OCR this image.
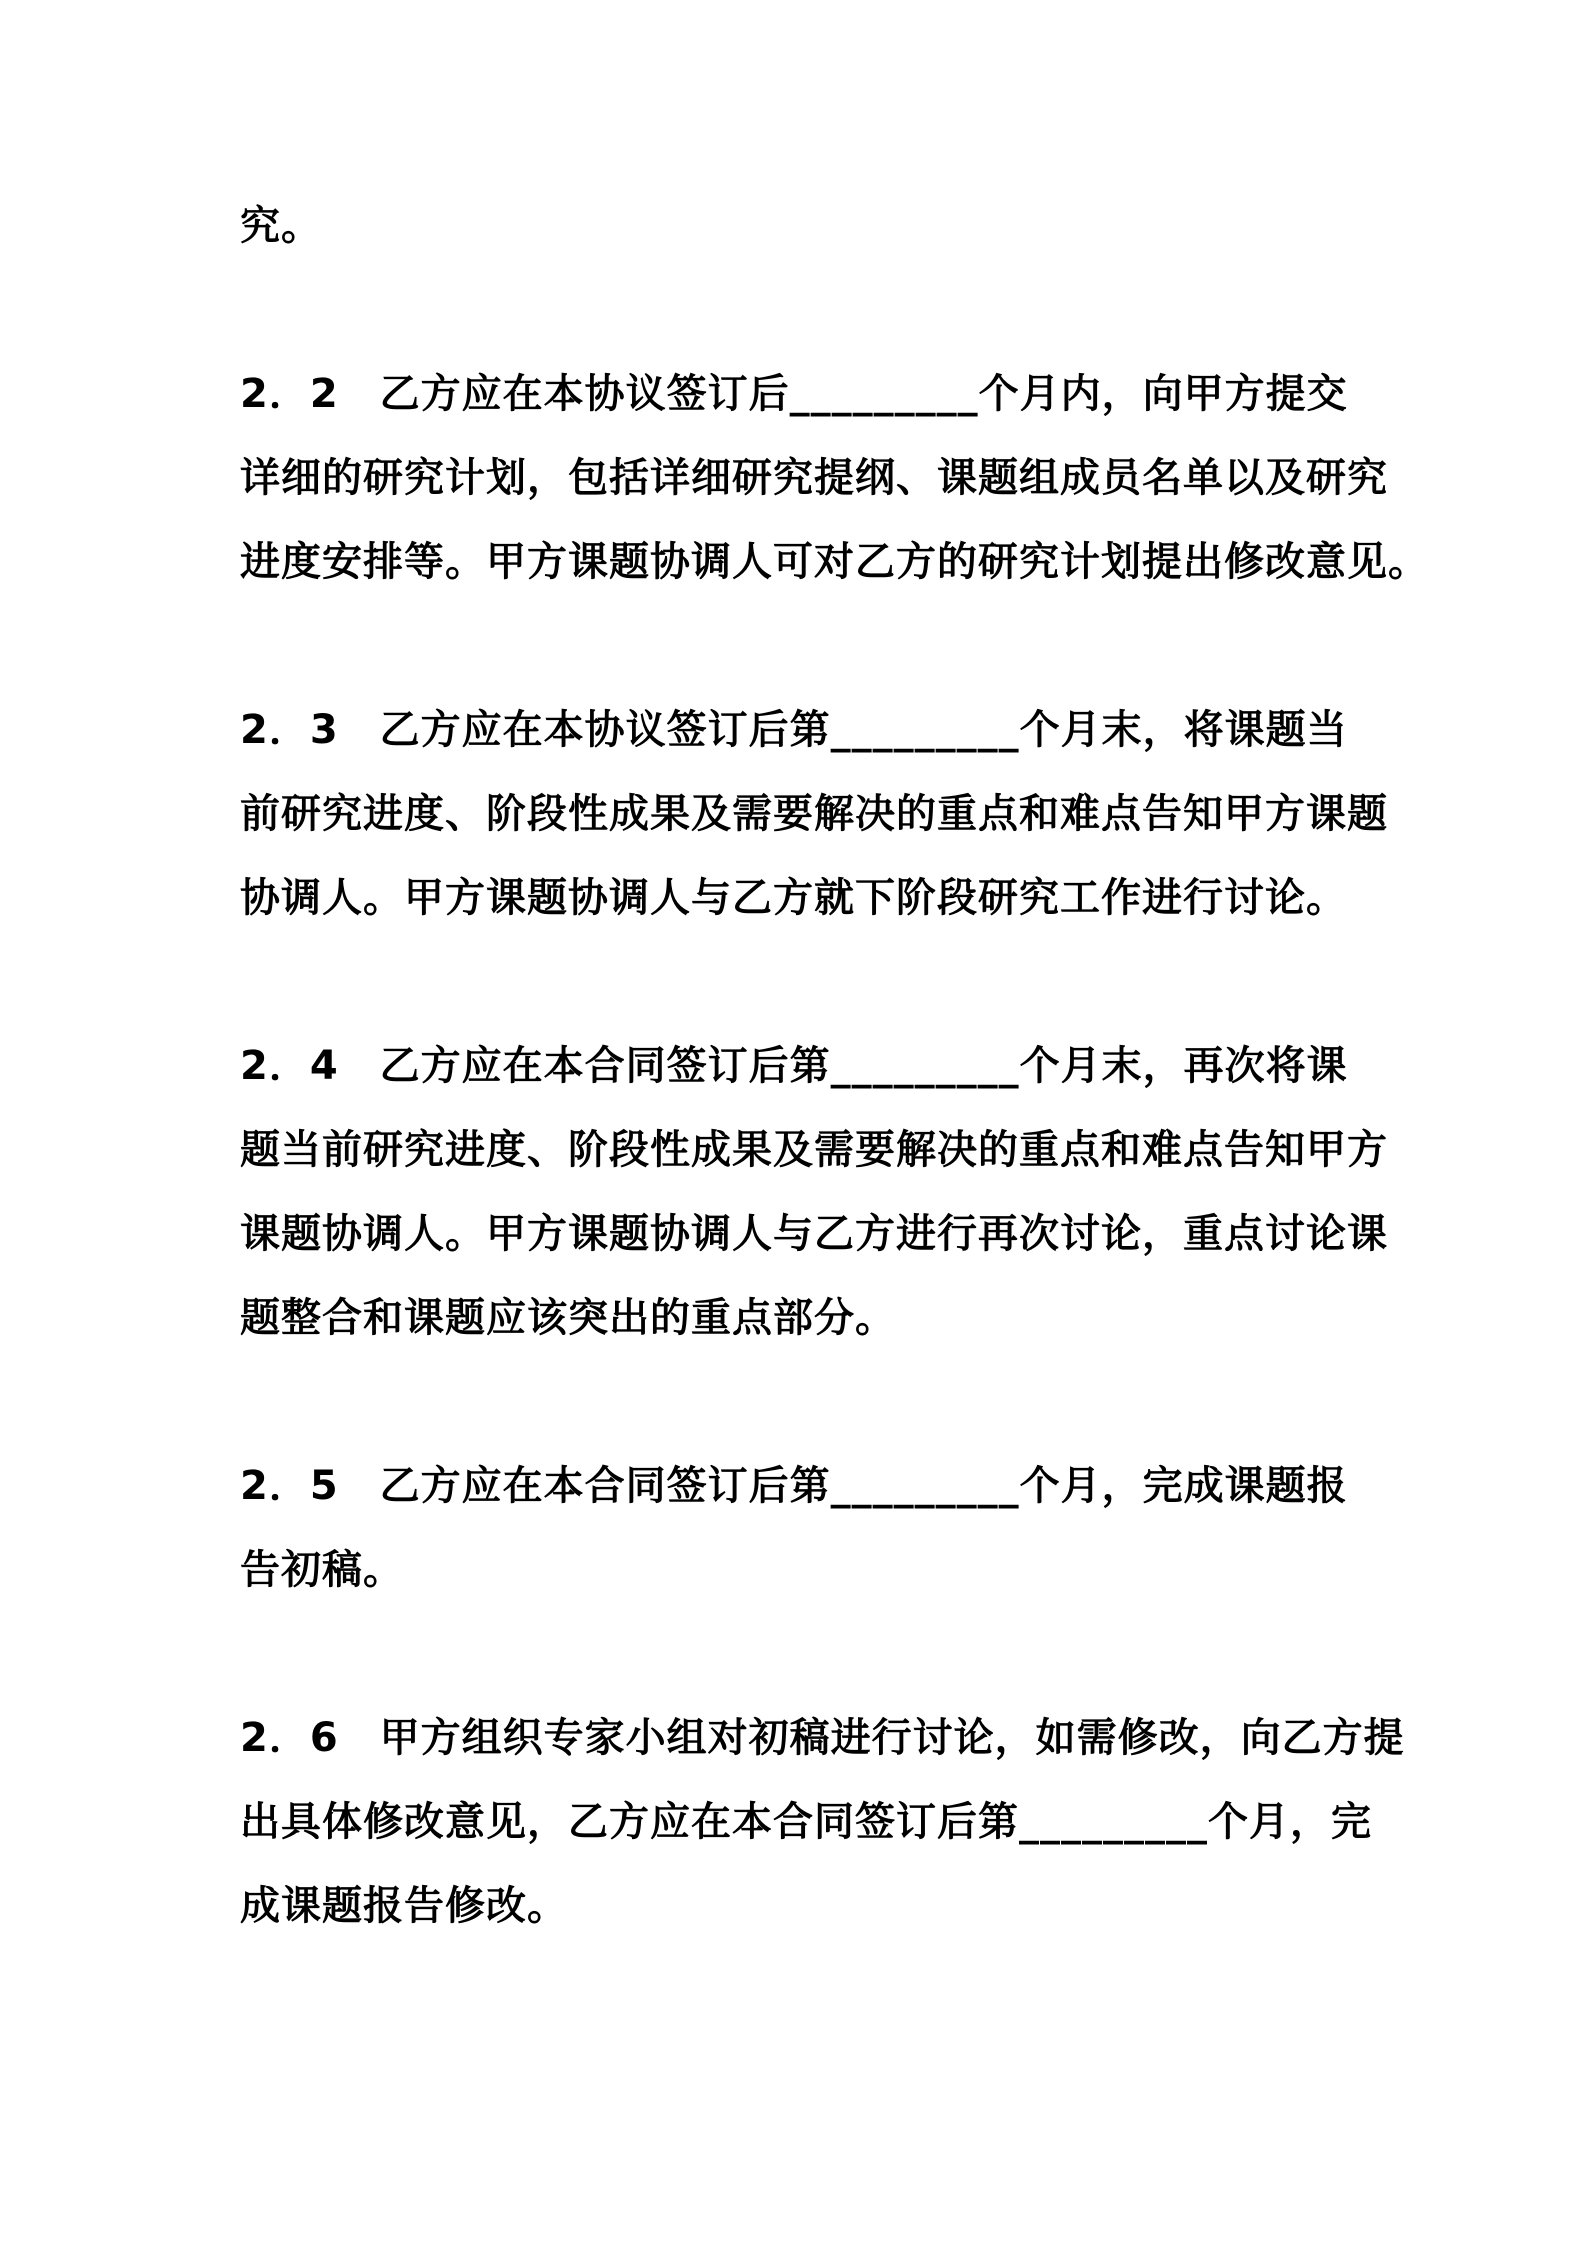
究。
2．2　乙方应在本协议签订后_________个月内，向甲方提交
详细的研究计划，包括详细研究提纲、课题组成员名单以及研究
进度安排等。甲方课题协调人可对乙方的研究计划提出修改意见。
2．3　乙方应在本协议签订后第_________个月末，将课题当
前研究进度、阶段性成果及需要解决的重点和难点告知甲方课题
协调人。甲方课题协调人与乙方就下阶段研究工作进行讨论。
2．4　乙方应在本合同签订后第_________个月末，再次将课
题当前研究进度、阶段性成果及需要解决的重点和难点告知甲方
课题协调人。甲方课题协调人与乙方进行再次讨论，重点讨论课
题整合和课题应该突出的重点部分。
2．5　乙方应在本合同签订后第_________个月，完成课题报
告初稿。
2．6　甲方组织专家小组对初稿进行讨论，如需修改，向乙方提
出具体修改意见，乙方应在本合同签订后第_________个月，完
成课题报告修改。
